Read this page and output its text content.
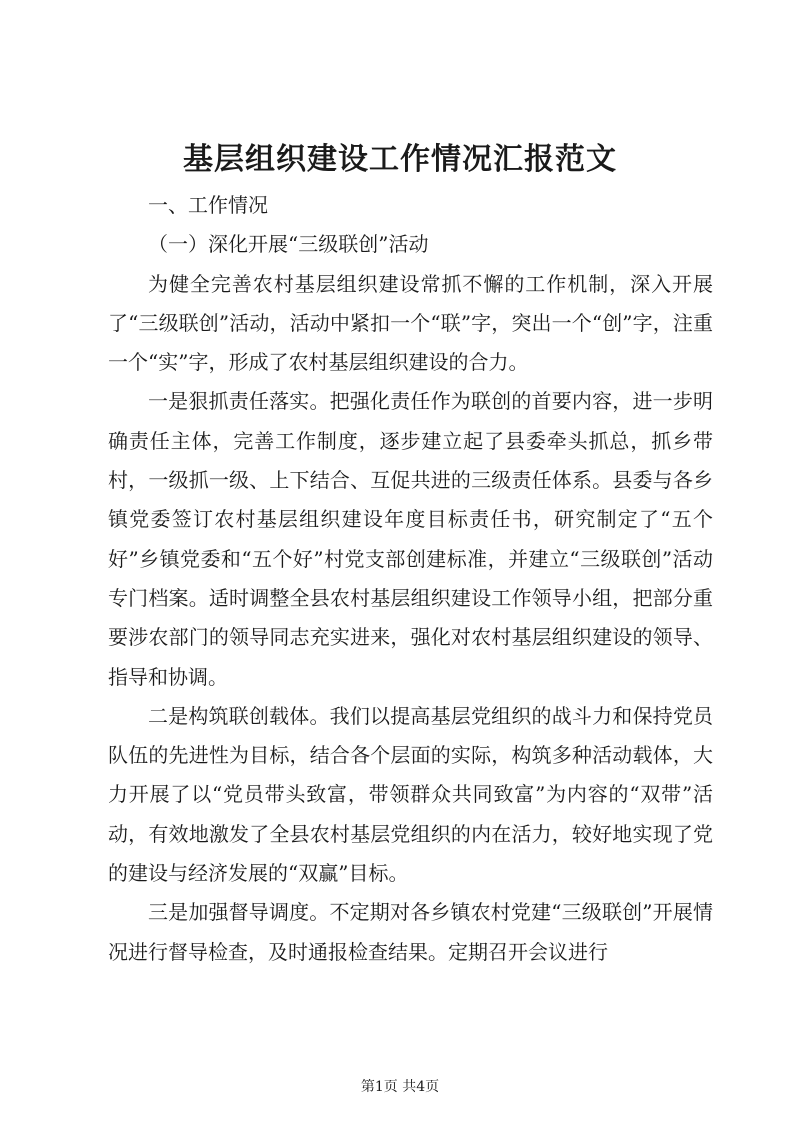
基层组织建设工作情况汇报范文

一、工作情况

（一）深化开展“三级联创”活动

为健全完善农村基层组织建设常抓不懈的工作机制，深入开展了“三级联创”活动，活动中紧扣一个“联”字，突出一个“创”字，注重一个“实”字，形成了农村基层组织建设的合力。

一是狠抓责任落实。把强化责任作为联创的首要内容，进一步明确责任主体，完善工作制度，逐步建立起了县委牵头抓总，抓乡带村，一级抓一级、上下结合、互促共进的三级责任体系。县委与各乡镇党委签订农村基层组织建设年度目标责任书，研究制定了“五个好”乡镇党委和“五个好”村党支部创建标准，并建立“三级联创”活动专门档案。适时调整全县农村基层组织建设工作领导小组，把部分重要涉农部门的领导同志充实进来，强化对农村基层组织建设的领导、指导和协调。

二是构筑联创载体。我们以提高基层党组织的战斗力和保持党员队伍的先进性为目标，结合各个层面的实际，构筑多种活动载体，大力开展了以“党员带头致富，带领群众共同致富”为内容的“双带”活动，有效地激发了全县农村基层党组织的内在活力，较好地实现了党的建设与经济发展的“双赢”目标。

三是加强督导调度。不定期对各乡镇农村党建“三级联创”开展情况进行督导检查，及时通报检查结果。定期召开会议进行

第1页 共4页
